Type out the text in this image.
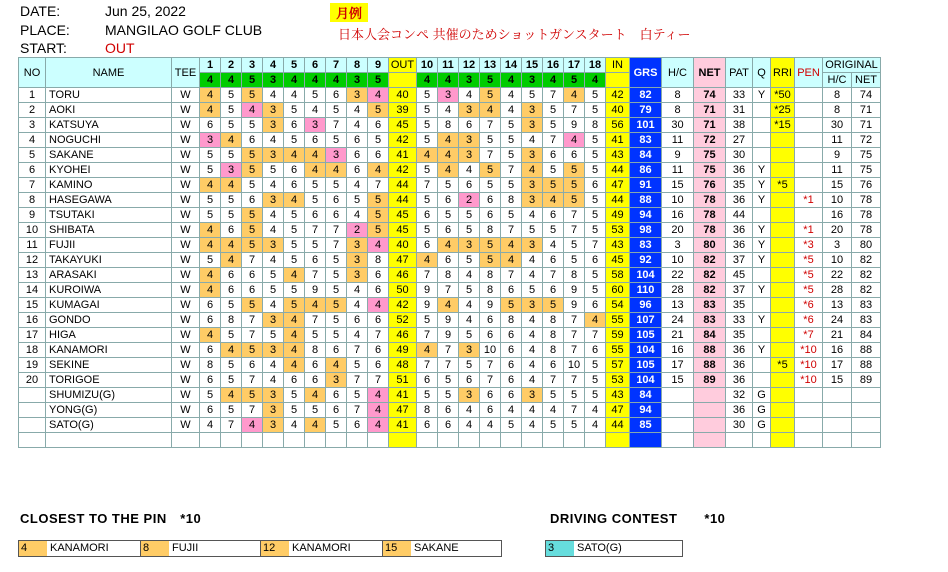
DATE:	Jun 25, 2022
PLACE:	MANGILAO GOLF CLUB
START:	OUT
月例
日本人会コンペ 共催のためショットガンスタート　白ティー
NO	NAME	TEE	1	2	3	4	5	6	7	8	9	OUT	10	11	12	13	14	15	16	17	18	IN	GRS	H/C	NET	PAT	Q	RRI	PEN	ORIGINAL	
			4	4	5	3	4	4	4	3	5		4	4	3	5	4	3	4	5	4									H/C	NET
1	TORU	W	4	5	5	4	4	5	6	3	4	40	5	3	4	5	4	5	7	4	5	42	82	8	74	33	Y	*50		8	74
2	AOKI	W	4	5	4	3	5	4	5	4	5	39	5	4	3	4	4	3	5	7	5	40	79	8	71	31		*25		8	71
3	KATSUYA	W	6	5	5	3	6	3	7	4	6	45	5	8	6	7	5	3	5	9	8	56	101	30	71	38		*15		30	71
4	NOGUCHI	W	3	4	6	4	5	6	5	6	5	42	5	4	3	5	5	4	7	4	5	41	83	11	72	27				11	72
5	SAKANE	W	5	5	5	3	4	4	3	6	6	41	4	4	3	7	5	3	6	6	5	43	84	9	75	30				9	75
6	KYOHEI	W	5	3	5	5	6	4	4	6	4	42	5	4	4	5	7	4	5	5	5	44	86	11	75	36	Y			11	75
7	KAMINO	W	4	4	5	4	6	5	5	4	7	44	7	5	6	5	5	3	5	5	6	47	91	15	76	35	Y	*5		15	76
8	HASEGAWA	W	5	5	6	3	4	5	6	5	5	44	5	6	2	6	8	3	4	5	5	44	88	10	78	36	Y		*1	10	78
9	TSUTAKI	W	5	5	5	4	5	6	6	4	5	45	6	5	5	6	5	4	6	7	5	49	94	16	78	44				16	78
10	SHIBATA	W	4	6	5	4	5	7	7	2	5	45	5	6	5	8	7	5	5	7	5	53	98	20	78	36	Y		*1	20	78
11	FUJII	W	4	4	5	3	5	5	7	3	4	40	6	4	3	5	4	3	4	5	7	43	83	3	80	36	Y		*3	3	80
12	TAKAYUKI	W	5	4	7	4	5	6	5	3	8	47	4	6	5	5	4	4	6	5	6	45	92	10	82	37	Y		*5	10	82
13	ARASAKI	W	4	6	6	5	4	7	5	3	6	46	7	8	4	8	7	4	7	8	5	58	104	22	82	45			*5	22	82
14	KUROIWA	W	4	6	6	5	5	9	5	4	6	50	9	7	5	8	6	5	6	9	5	60	110	28	82	37	Y		*5	28	82
15	KUMAGAI	W	6	5	5	4	5	4	5	4	4	42	9	4	4	9	5	3	5	9	6	54	96	13	83	35			*6	13	83
16	GONDO	W	6	8	7	3	4	7	5	6	6	52	5	9	4	6	8	4	8	7	4	55	107	24	83	33	Y		*6	24	83
17	HIGA	W	4	5	7	5	4	5	5	4	7	46	7	9	5	6	6	4	8	7	7	59	105	21	84	35			*7	21	84
18	KANAMORI	W	6	4	5	3	4	8	6	7	6	49	4	7	3	10	6	4	8	7	6	55	104	16	88	36	Y		*10	16	88
19	SEKINE	W	8	5	6	4	4	6	4	5	6	48	7	7	5	7	6	4	6	10	5	57	105	17	88	36		*5	*10	17	88
20	TORIGOE	W	6	5	7	4	6	6	3	7	7	51	6	5	6	7	6	4	7	7	5	53	104	15	89	36			*10	15	89
	SHUMIZU(G)	W	5	4	5	3	5	4	6	5	4	41	5	5	3	6	6	3	5	5	5	43	84			32	G				
	YONG(G)	W	6	5	7	3	5	5	6	7	4	47	8	6	4	6	4	4	4	7	4	47	94			36	G				
	SATO(G)	W	4	7	4	3	4	4	5	6	4	41	6	6	4	4	5	4	5	5	4	44	85			30	G				

CLOSEST TO THE PIN　*10	DRIVING CONTEST　　*10
4	KANAMORI	8	FUJII	12	KANAMORI	15	SAKANE	3	SATO(G)
